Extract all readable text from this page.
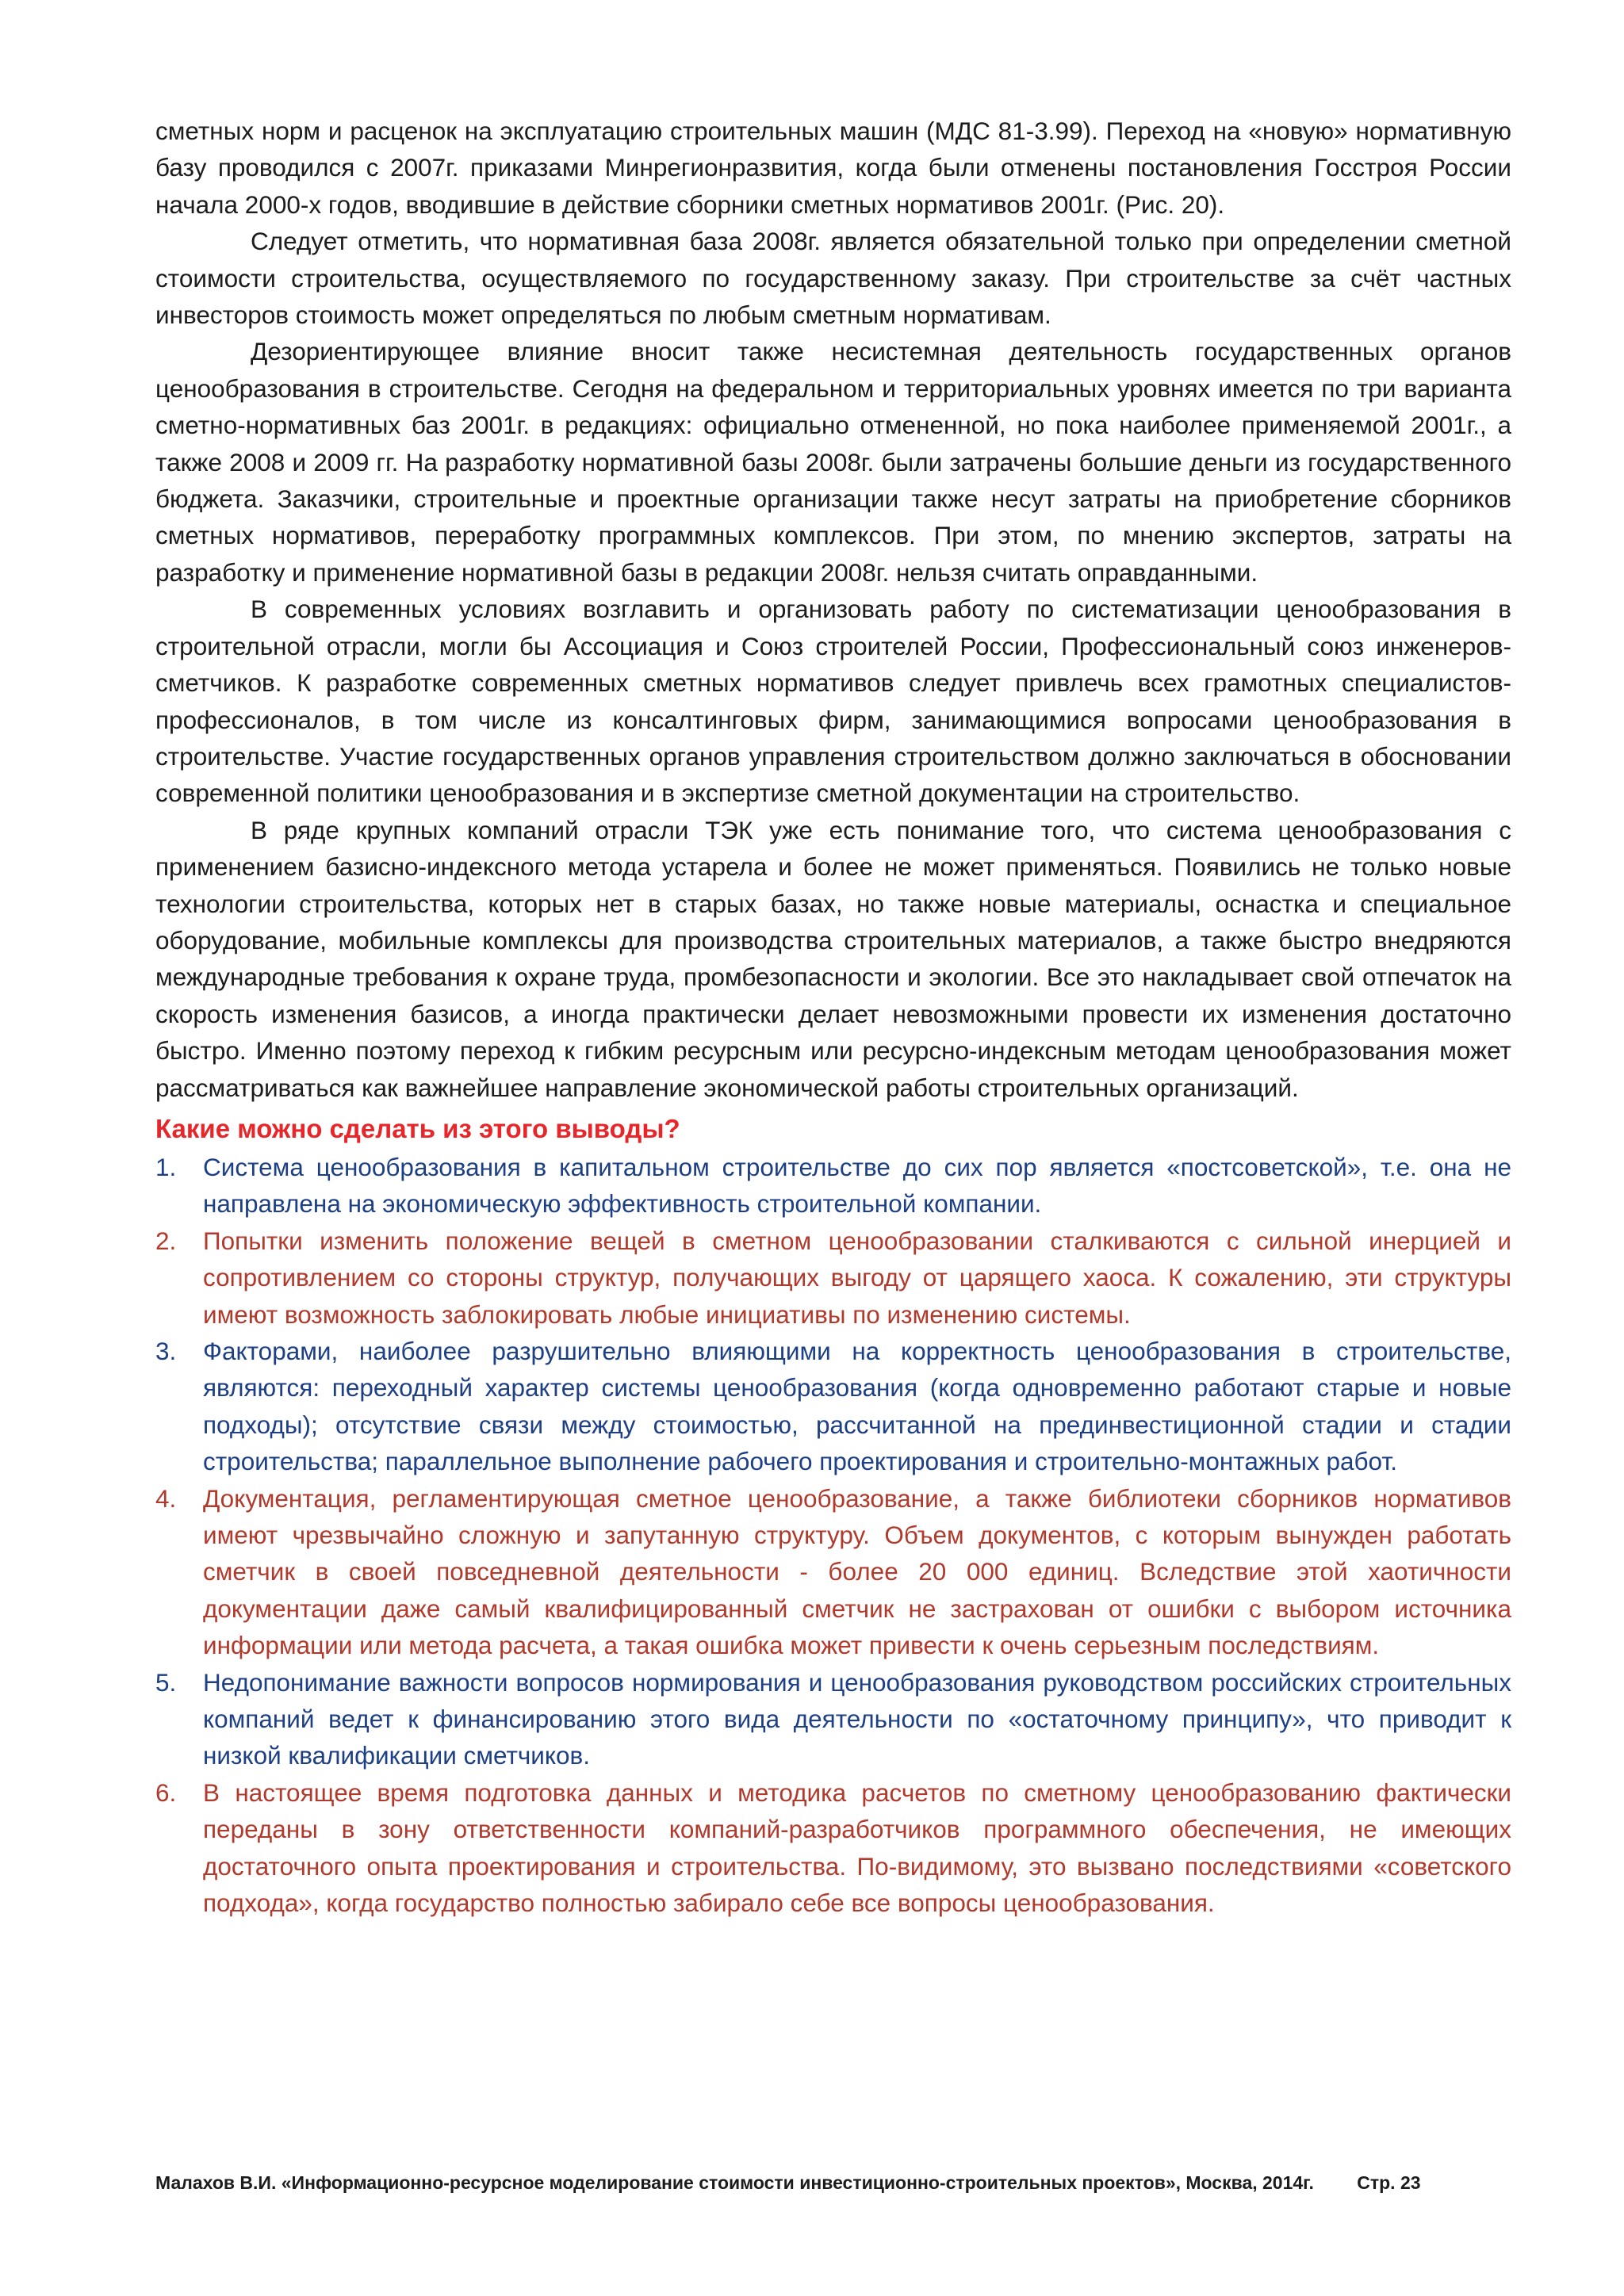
сметных норм и расценок на эксплуатацию строительных машин (МДС 81-3.99). Переход на «новую» нормативную базу проводился с 2007г. приказами Минрегионразвития, когда были отменены постановления Госстроя России начала 2000-х годов, вводившие в действие сборники сметных нормативов 2001г. (Рис. 20).

Следует отметить, что нормативная база 2008г. является обязательной только при определении сметной стоимости строительства, осуществляемого по государственному заказу. При строительстве за счёт частных инвесторов стоимость может определяться по любым сметным нормативам.

Дезориентирующее влияние вносит также несистемная деятельность государственных органов ценообразования в строительстве. Сегодня на федеральном и территориальных уровнях имеется по три варианта сметно-нормативных баз 2001г. в редакциях: официально отмененной, но пока наиболее применяемой 2001г., а также 2008 и 2009 гг. На разработку нормативной базы 2008г. были затрачены большие деньги из государственного бюджета. Заказчики, строительные и проектные организации также несут затраты на приобретение сборников сметных нормативов, переработку программных комплексов. При этом, по мнению экспертов, затраты на разработку и применение нормативной базы в редакции 2008г. нельзя считать оправданными.

В современных условиях возглавить и организовать работу по систематизации ценообразования в строительной отрасли, могли бы Ассоциация и Союз строителей России, Профессиональный союз инженеров-сметчиков. К разработке современных сметных нормативов следует привлечь всех грамотных специалистов-профессионалов, в том числе из консалтинговых фирм, занимающимися вопросами ценообразования в строительстве. Участие государственных органов управления строительством должно заключаться в обосновании современной политики ценообразования и в экспертизе сметной документации на строительство.

В ряде крупных компаний отрасли ТЭК уже есть понимание того, что система ценообразования с применением базисно-индексного метода устарела и более не может применяться. Появились не только новые технологии строительства, которых нет в старых базах, но также новые материалы, оснастка и специальное оборудование, мобильные комплексы для производства строительных материалов, а также быстро внедряются международные требования к охране труда, промбезопасности и экологии. Все это накладывает свой отпечаток на скорость изменения базисов, а иногда практически делает невозможными провести их изменения достаточно быстро. Именно поэтому переход к гибким ресурсным или ресурсно-индексным методам ценообразования может рассматриваться как важнейшее направление экономической работы строительных организаций.

Какие можно сделать из этого выводы?
1. Система ценообразования в капитальном строительстве до сих пор является «постсоветской», т.е. она не направлена на экономическую эффективность строительной компании.
2. Попытки изменить положение вещей в сметном ценообразовании сталкиваются с сильной инерцией и сопротивлением со стороны структур, получающих выгоду от царящего хаоса. К сожалению, эти структуры имеют возможность заблокировать любые инициативы по изменению системы.
3. Факторами, наиболее разрушительно влияющими на корректность ценообразования в строительстве, являются: переходный характер системы ценообразования (когда одновременно работают старые и новые подходы); отсутствие связи между стоимостью, рассчитанной на прединвестиционной стадии и стадии строительства; параллельное выполнение рабочего проектирования и строительно-монтажных работ.
4. Документация, регламентирующая сметное ценообразование, а также библиотеки сборников нормативов имеют чрезвычайно сложную и запутанную структуру. Объем документов, с которым вынужден работать сметчик в своей повседневной деятельности - более 20 000 единиц. Вследствие этой хаотичности документации даже самый квалифицированный сметчик не застрахован от ошибки с выбором источника информации или метода расчета, а такая ошибка может привести к очень серьезным последствиям.
5. Недопонимание важности вопросов нормирования и ценообразования руководством российских строительных компаний ведет к финансированию этого вида деятельности по «остаточному принципу», что приводит к низкой квалификации сметчиков.
6. В настоящее время подготовка данных и методика расчетов по сметному ценообразованию фактически переданы в зону ответственности компаний-разработчиков программного обеспечения, не имеющих достаточного опыта проектирования и строительства. По-видимому, это вызвано последствиями «советского подхода», когда государство полностью забирало себе все вопросы ценообразования.
Малахов В.И. «Информационно-ресурсное моделирование стоимости инвестиционно-строительных проектов», Москва, 2014г. Стр. 23
